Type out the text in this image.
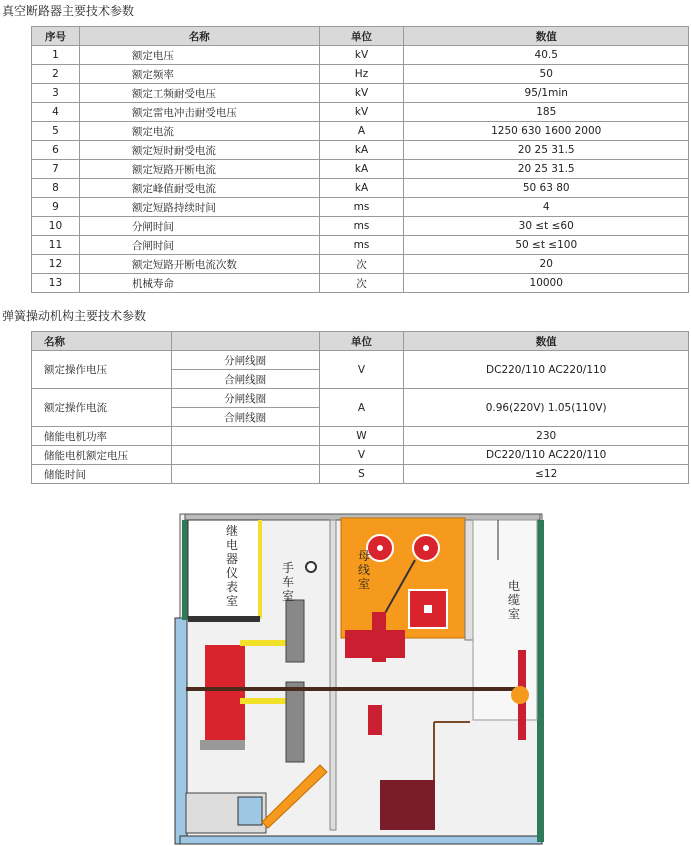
真空断路器主要技术参数
序号	名称	单位	数值
1	额定电压	kV	40.5
2	额定频率	Hz	50
3	额定工频耐受电压	kV	95/1min
4	额定雷电冲击耐受电压	kV	185
5	额定电流	A	1250 630 1600 2000
6	额定短时耐受电流	kA	20 25 31.5
7	额定短路开断电流	kA	20 25 31.5
8	额定峰值耐受电流	kA	50 63 80
9	额定短路持续时间	ms	4
10	分闸时间	ms	30 ≤t ≤60
11	合闸时间	ms	50 ≤t ≤100
12	额定短路开断电流次数	次	20
13	机械寿命	次	10000
弹簧操动机构主要技术参数
名称		单位	数值
额定操作电压	分闸线圈	V	DC220/110 AC220/110
	合闸线圈		
额定操作电流	分闸线圈	A	0.96(220V) 1.05(110V)
	合闸线圈		
储能电机功率		W	230
储能电机额定电压		V	DC220/110 AC220/110
储能时间		S	≤12
继电器仪表室
手车室
母线室	电缆室
